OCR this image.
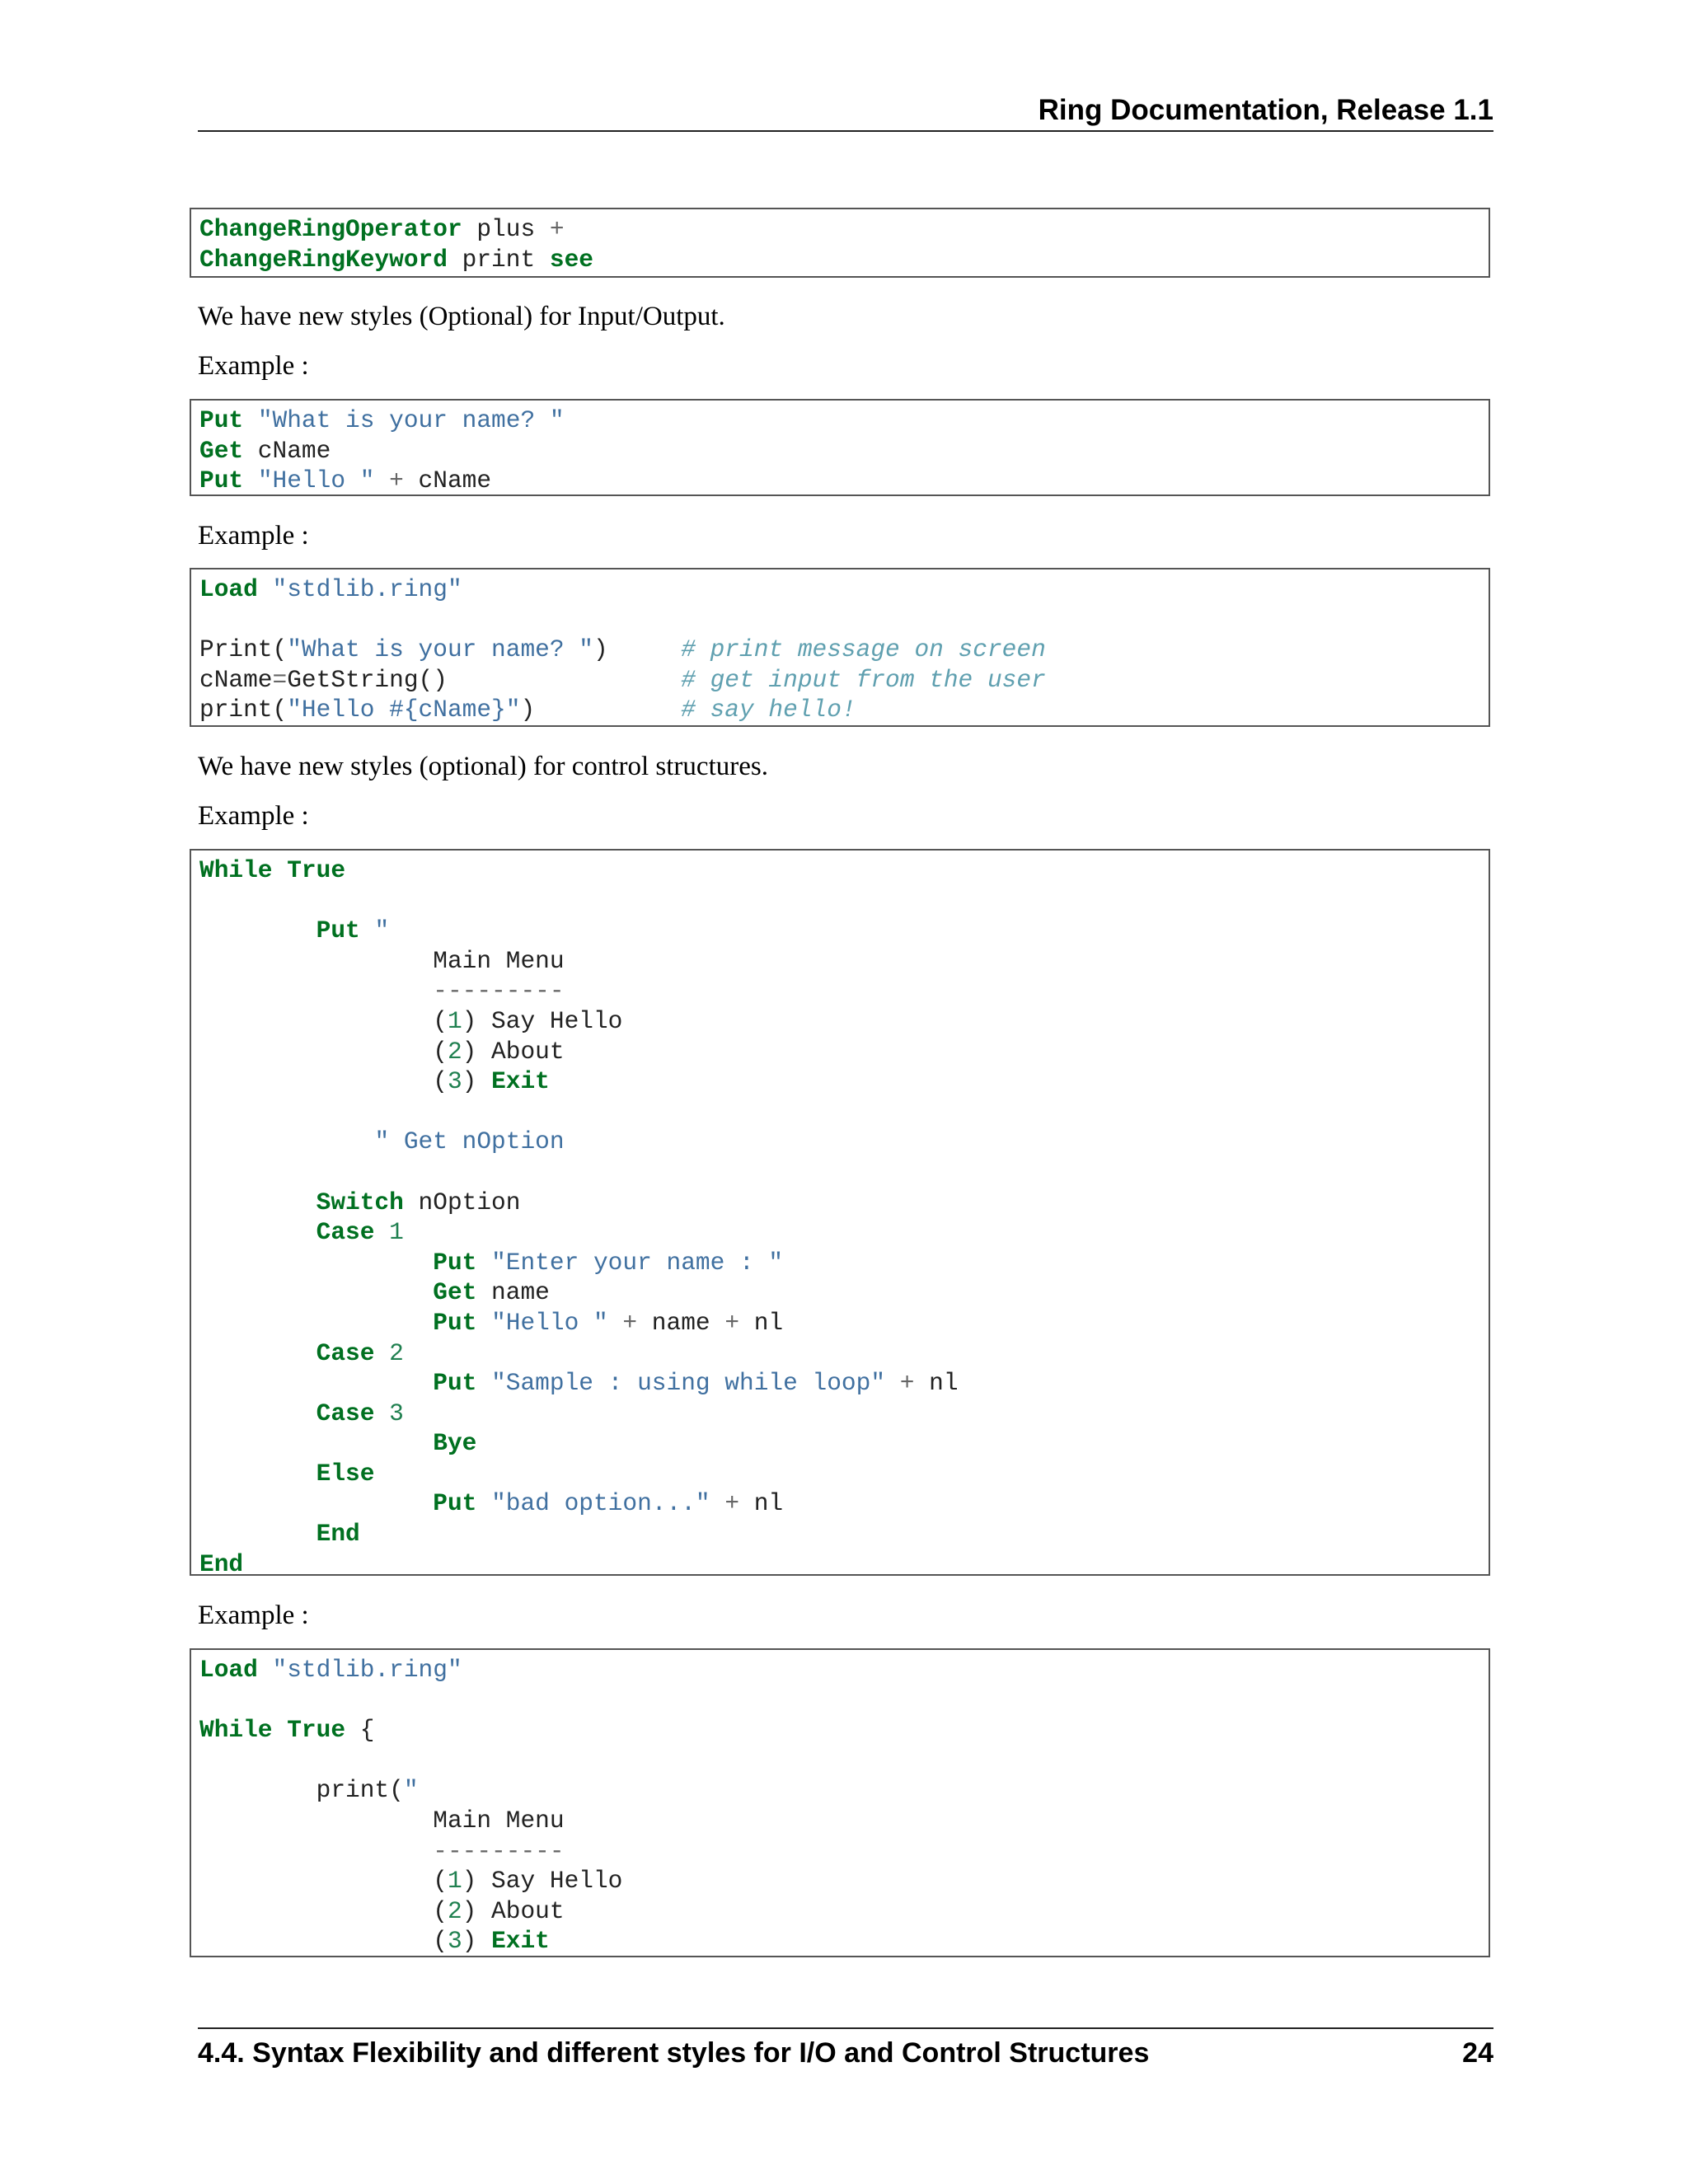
Ring Documentation, Release 1.1
ChangeRingOperator plus +
ChangeRingKeyword print see
We have new styles (Optional) for Input/Output.
Example :
Put "What is your name? "
Get cName
Put "Hello " + cName
Example :
Load "stdlib.ring"

Print("What is your name? ")     # print message on screen
cName=GetString()                # get input from the user
print("Hello #{cName}")          # say hello!
We have new styles (optional) for control structures.
Example :
While True

Put "
Main Menu
---------
(1) Say Hello
(2) About
(3) Exit

" Get nOption

Switch nOption
Case 1
Put "Enter your name : "
Get name
Put "Hello " + name + nl
Case 2
Put "Sample : using while loop" + nl
Case 3
Bye
Else
Put "bad option..." + nl
End
End
Example :
Load "stdlib.ring"

While True {

print("
Main Menu
---------
(1) Say Hello
(2) About
(3) Exit
4.4. Syntax Flexibility and different styles for I/O and Control Structures	24
